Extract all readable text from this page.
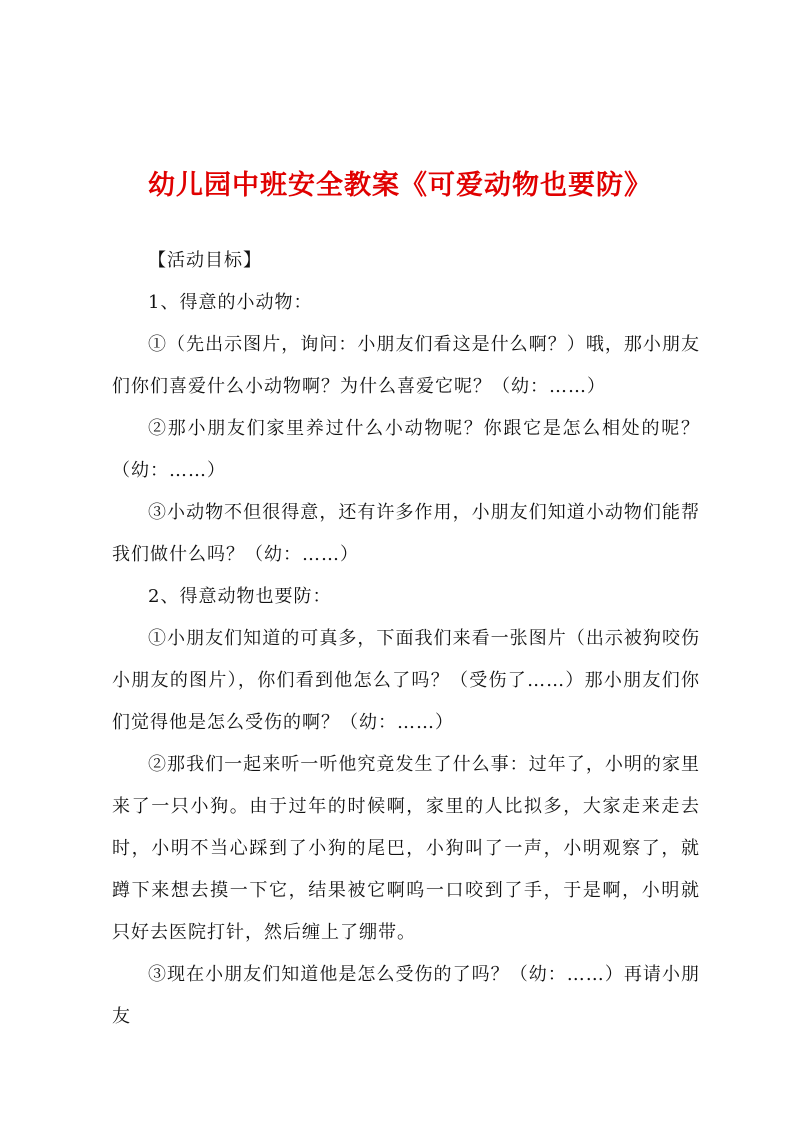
幼儿园中班安全教案《可爱动物也要防》

【活动目标】

1、得意的小动物：

①（先出示图片，询问：小朋友们看这是什么啊？）哦，那小朋友们你们喜爱什么小动物啊？为什么喜爱它呢？（幼：……）

②那小朋友们家里养过什么小动物呢？你跟它是怎么相处的呢？（幼：……）

③小动物不但很得意，还有许多作用，小朋友们知道小动物们能帮我们做什么吗？（幼：……）

2、得意动物也要防：

①小朋友们知道的可真多，下面我们来看一张图片（出示被狗咬伤小朋友的图片），你们看到他怎么了吗？（受伤了……）那小朋友们你们觉得他是怎么受伤的啊？（幼：……）

②那我们一起来听一听他究竟发生了什么事：过年了，小明的家里来了一只小狗。由于过年的时候啊，家里的人比拟多，大家走来走去时，小明不当心踩到了小狗的尾巴，小狗叫了一声，小明观察了，就蹲下来想去摸一下它，结果被它啊呜一口咬到了手，于是啊，小明就只好去医院打针，然后缠上了绷带。

③现在小朋友们知道他是怎么受伤的了吗？（幼：……）再请小朋友
